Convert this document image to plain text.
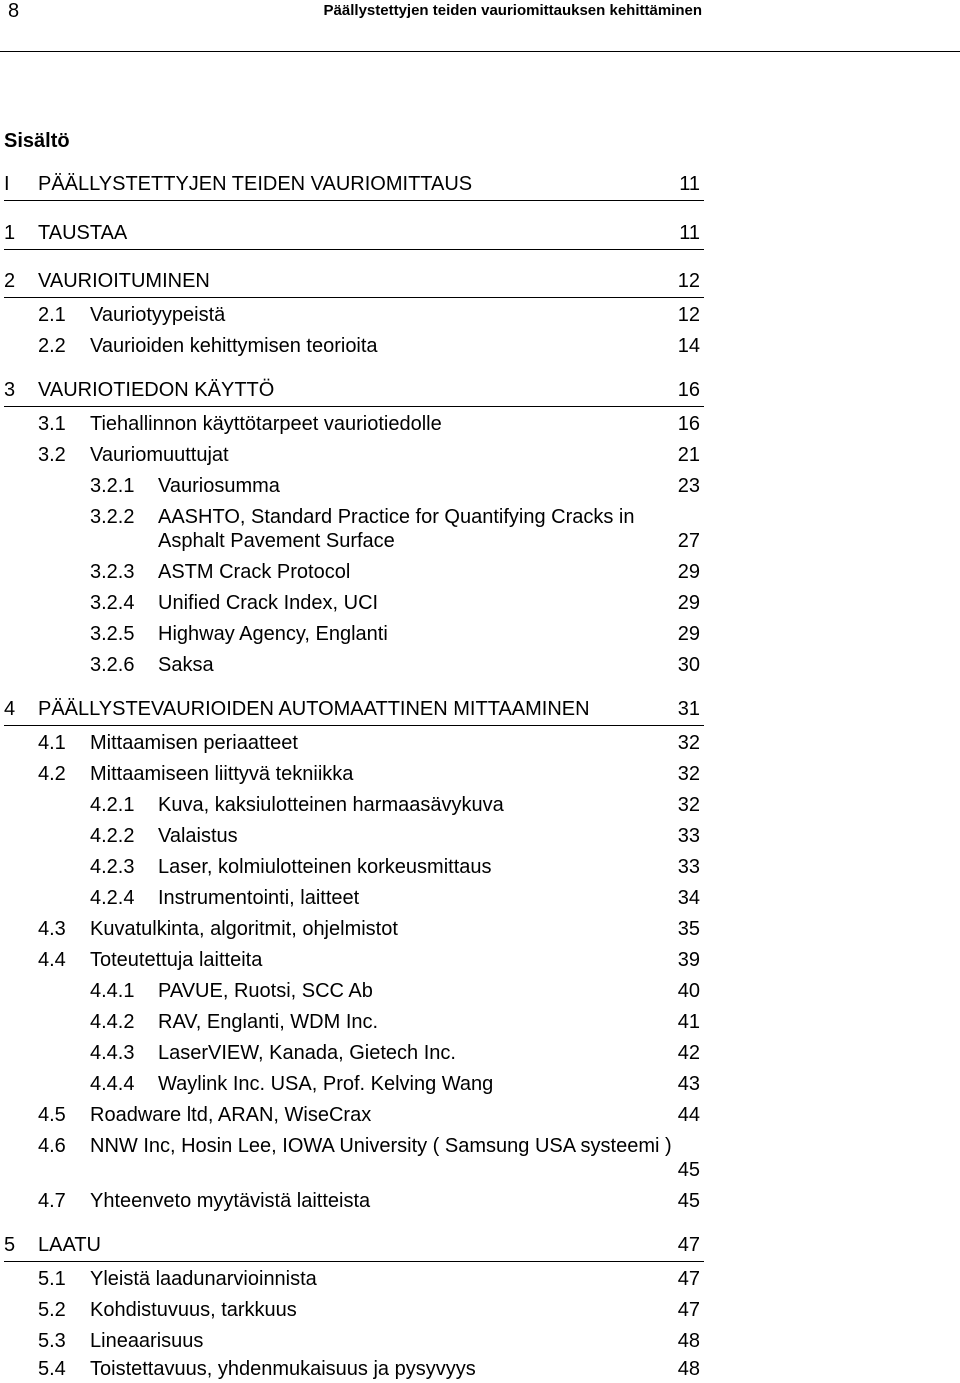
8	Päällystettyjen teiden vauriomittauksen kehittäminen
Sisältö
I PÄÄLLYSTETTYJEN TEIDEN VAURIOMITTAUS	11
1 TAUSTAA	11
2 VAURIOITUMINEN	12
2.1 Vauriotyypeistä	12
2.2 Vaurioiden kehittymisen teorioita	14
3 VAURIOTIEDON KÄYTTÖ	16
3.1 Tiehallinnon käyttötarpeet vauriotiedolle	16
3.2 Vauriomuuttujat	21
3.2.1 Vauriosumma	23
3.2.2 AASHTO, Standard Practice for Quantifying Cracks in
Asphalt Pavement Surface	27
3.2.3 ASTM Crack Protocol	29
3.2.4 Unified Crack Index, UCI	29
3.2.5 Highway Agency, Englanti	29
3.2.6 Saksa	30
4 PÄÄLLYSTEVAURIOIDEN AUTOMAATTINEN MITTAAMINEN	31
4.1 Mittaamisen periaatteet	32
4.2 Mittaamiseen liittyvä tekniikka	32
4.2.1 Kuva, kaksiulotteinen harmaasävykuva	32
4.2.2 Valaistus	33
4.2.3 Laser, kolmiulotteinen korkeusmittaus	33
4.2.4 Instrumentointi, laitteet	34
4.3 Kuvatulkinta, algoritmit, ohjelmistot	35
4.4 Toteutettuja laitteita	39
4.4.1 PAVUE, Ruotsi, SCC Ab	40
4.4.2 RAV, Englanti, WDM Inc.	41
4.4.3 LaserVIEW, Kanada, Gietech Inc.	42
4.4.4 Waylink Inc. USA, Prof. Kelving Wang	43
4.5 Roadware ltd, ARAN, WiseCrax	44
4.6 NNW Inc, Hosin Lee, IOWA University ( Samsung USA systeemi )
45
4.7 Yhteenveto myytävistä laitteista	45
5 LAATU	47
5.1 Yleistä laadunarvioinnista	47
5.2 Kohdistuvuus, tarkkuus	47
5.3 Lineaarisuus	48
5.4 Toistettavuus, yhdenmukaisuus ja pysyvyys	48
